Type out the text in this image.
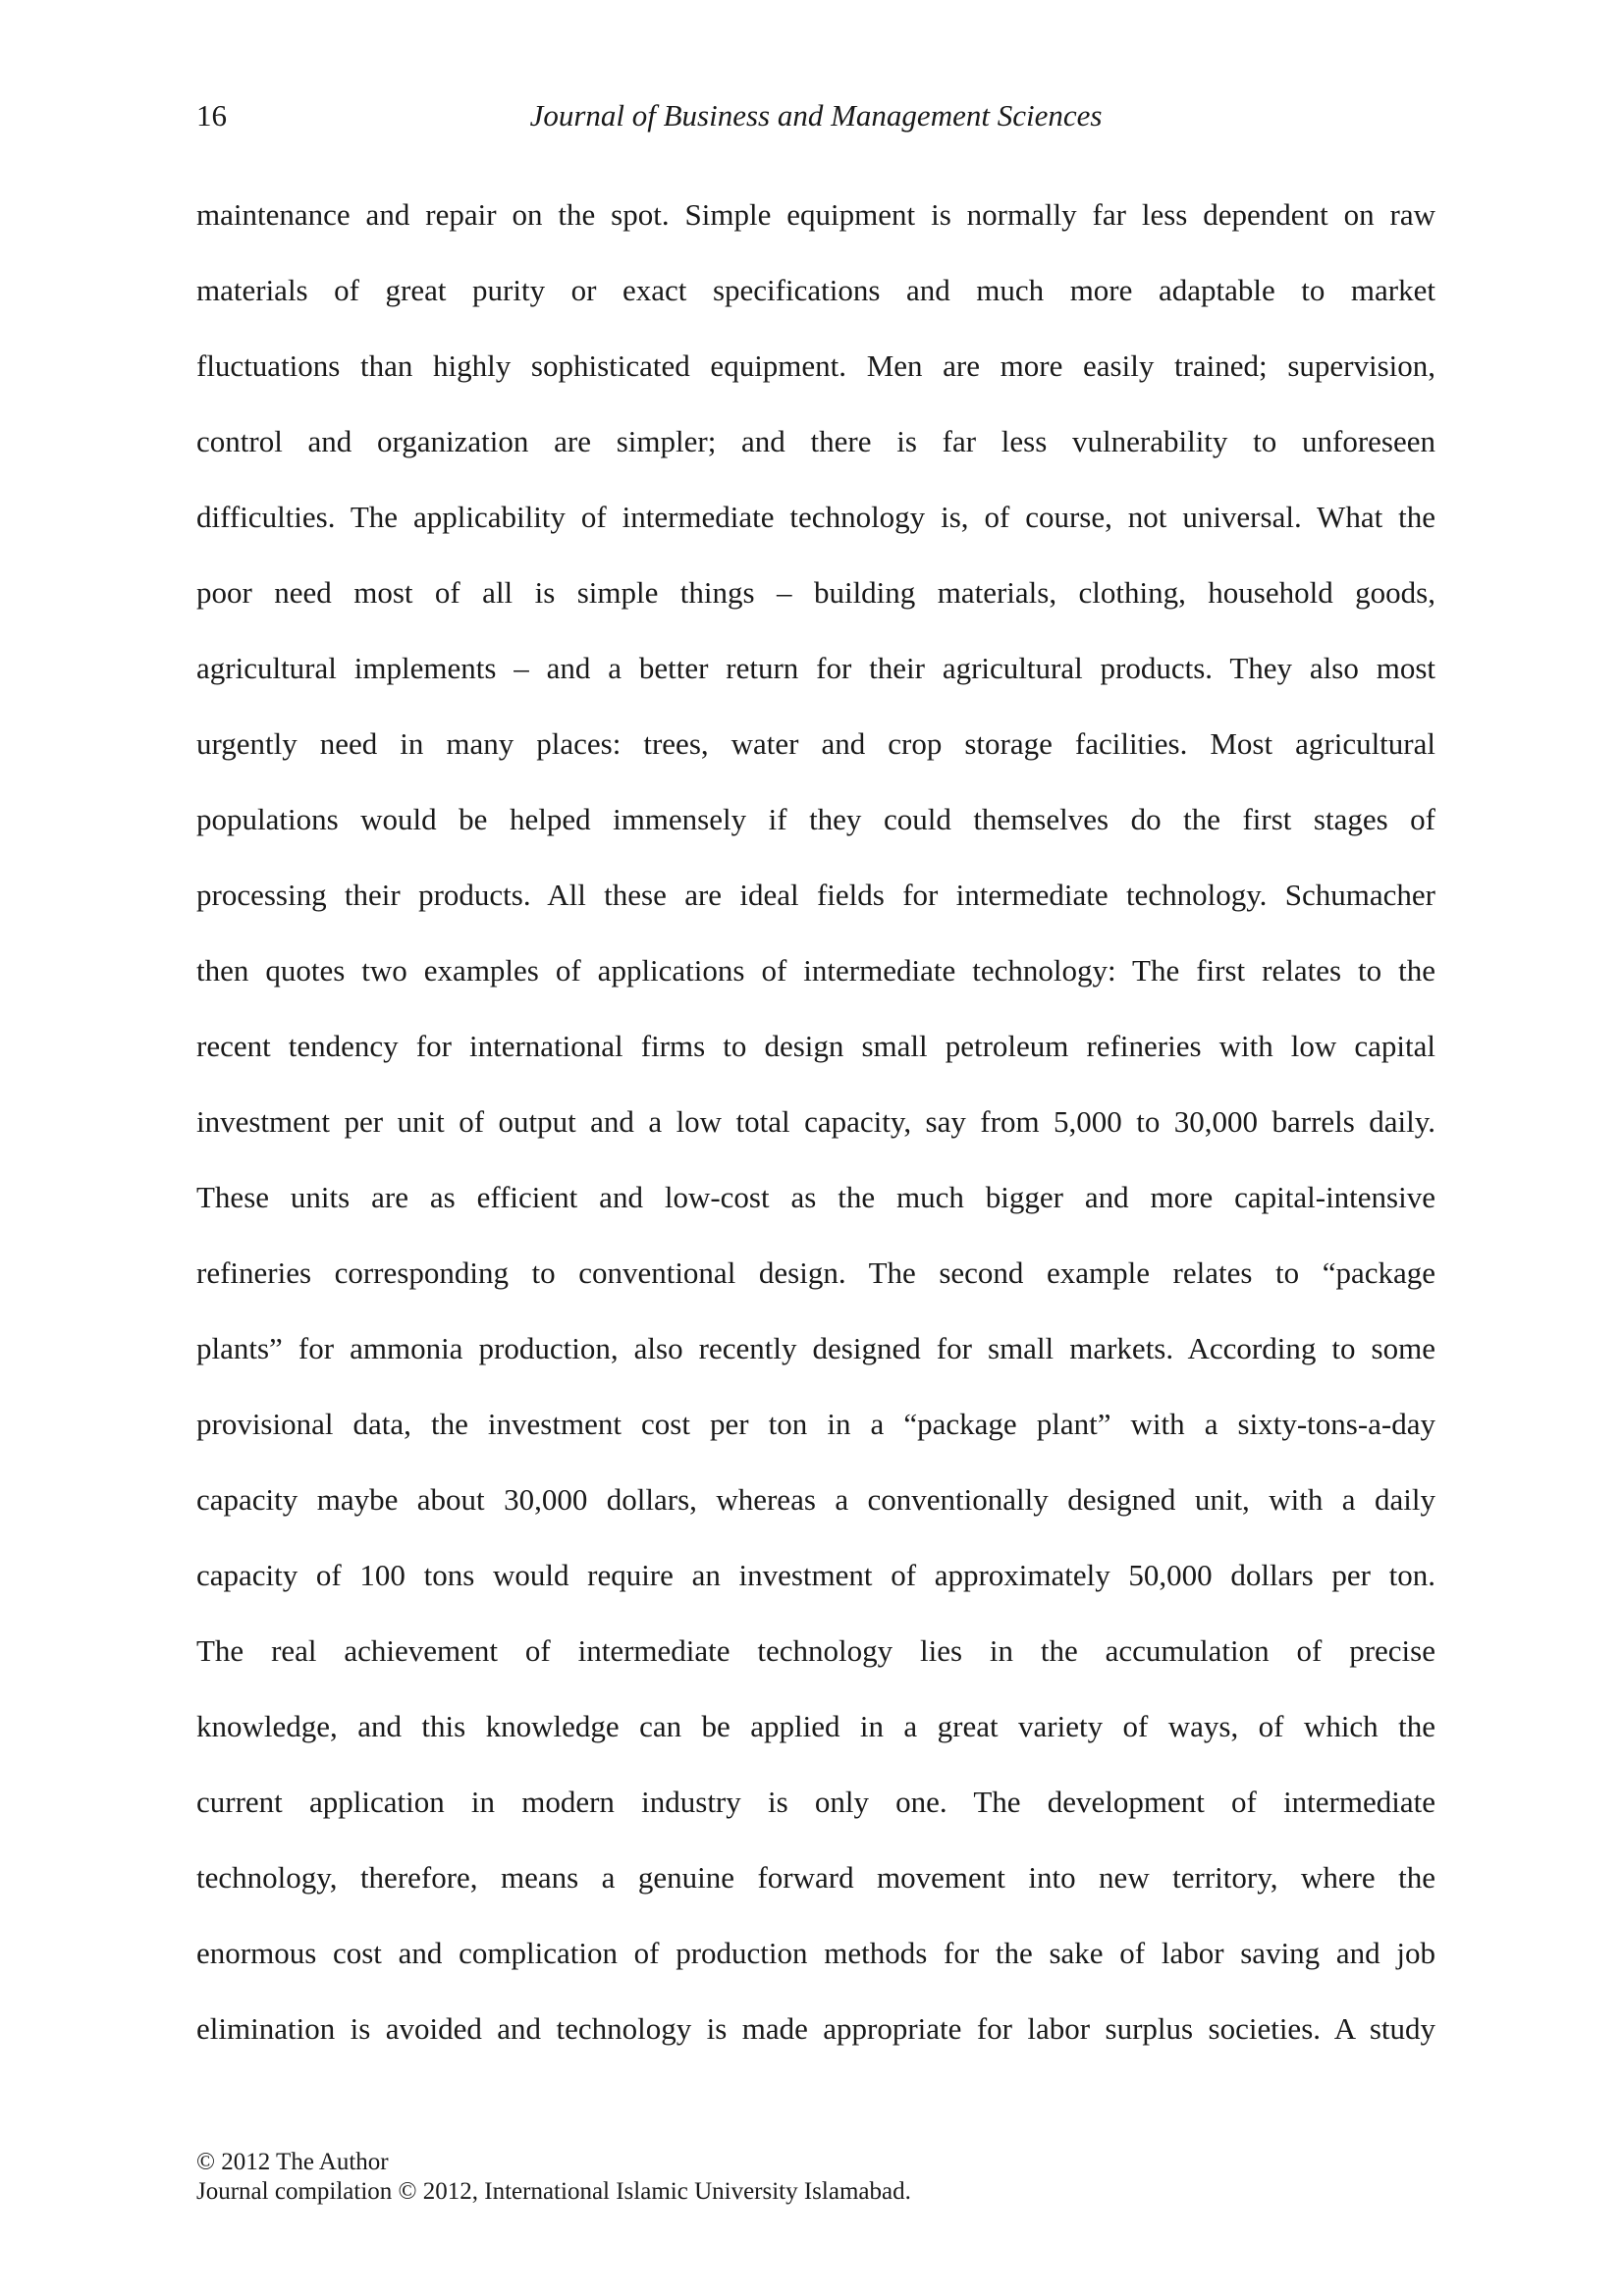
16	Journal of Business and Management Sciences
maintenance and repair on the spot. Simple equipment is normally far less dependent on raw
materials of great purity or exact specifications and much more adaptable to market
fluctuations than highly sophisticated equipment. Men are more easily trained; supervision,
control and organization are simpler; and there is far less vulnerability to unforeseen
difficulties. The applicability of intermediate technology is, of course, not universal. What the
poor need most of all is simple things – building materials, clothing, household goods,
agricultural implements – and a better return for their agricultural products. They also most
urgently need in many places: trees, water and crop storage facilities. Most agricultural
populations would be helped immensely if they could themselves do the first stages of
processing their products. All these are ideal fields for intermediate technology. Schumacher
then quotes two examples of applications of intermediate technology: The first relates to the
recent tendency for international firms to design small petroleum refineries with low capital
investment per unit of output and a low total capacity, say from 5,000 to 30,000 barrels daily.
These units are as efficient and low-cost as the much bigger and more capital-intensive
refineries corresponding to conventional design. The second example relates to “package
plants” for ammonia production, also recently designed for small markets. According to some
provisional data, the investment cost per ton in a “package plant” with a sixty-tons-a-day
capacity maybe about 30,000 dollars, whereas a conventionally designed unit, with a daily
capacity of 100 tons would require an investment of approximately 50,000 dollars per ton.
The real achievement of intermediate technology lies in the accumulation of precise
knowledge, and this knowledge can be applied in a great variety of ways, of which the
current application in modern industry is only one. The development of intermediate
technology, therefore, means a genuine forward movement into new territory, where the
enormous cost and complication of production methods for the sake of labor saving and job
elimination is avoided and technology is made appropriate for labor surplus societies. A study
© 2012 The Author
Journal compilation © 2012, International Islamic University Islamabad.
